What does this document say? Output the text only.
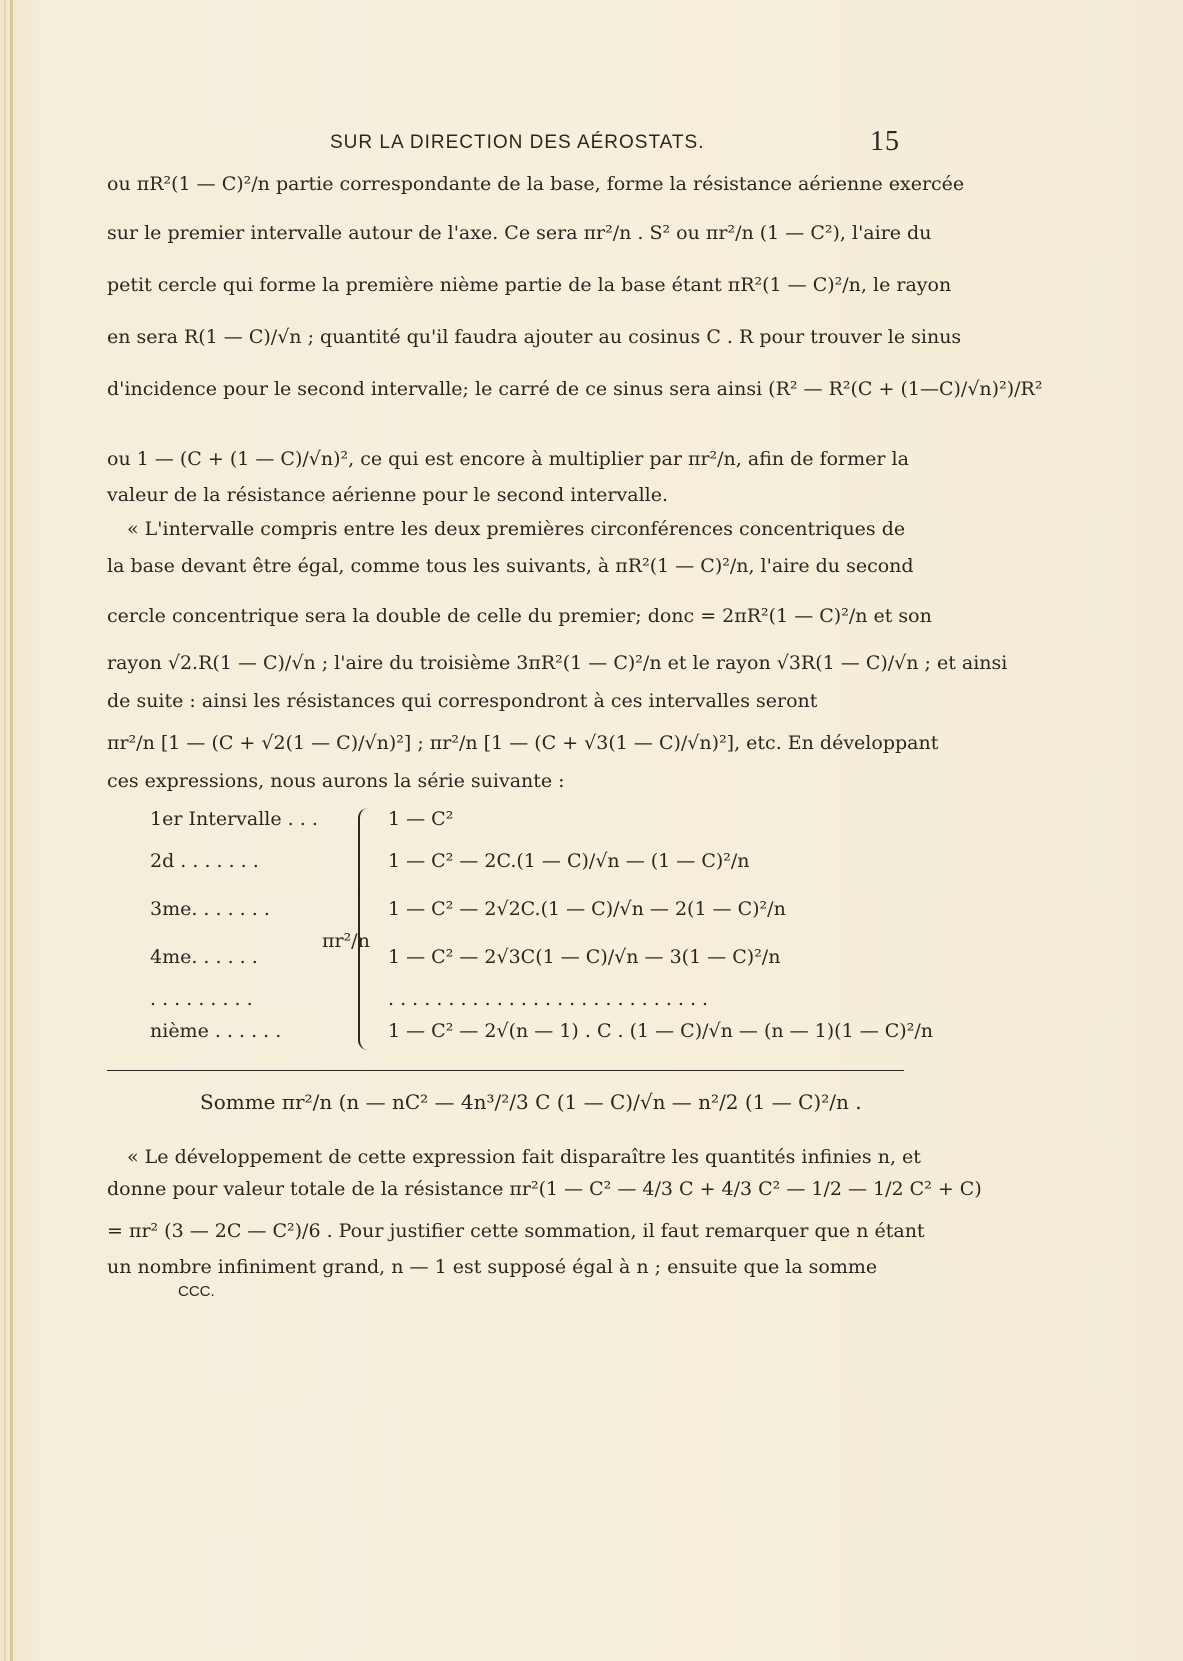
SUR LA DIRECTION DES AÉROSTATS.	15
ou πR²(1 — C)²/n partie correspondante de la base, forme la résistance aérienne exercée
sur le premier intervalle autour de l'axe. Ce sera πr²/n . S² ou πr²/n (1 — C²), l'aire du
petit cercle qui forme la première nième partie de la base étant πR²(1 — C)²/n, le rayon
en sera R(1 — C)/√n ; quantité qu'il faudra ajouter au cosinus C . R pour trouver le sinus
d'incidence pour le second intervalle; le carré de ce sinus sera ainsi (R² — R²(C + (1—C)/√n)²)/R²
ou 1 — (C + (1 — C)/√n)², ce qui est encore à multiplier par πr²/n, afin de former la
valeur de la résistance aérienne pour le second intervalle.
« L'intervalle compris entre les deux premières circonférences concentriques de
la base devant être égal, comme tous les suivants, à πR²(1 — C)²/n, l'aire du second
cercle concentrique sera la double de celle du premier; donc = 2πR²(1 — C)²/n et son
rayon √2.R(1 — C)/√n ; l'aire du troisième 3πR²(1 — C)²/n et le rayon √3R(1 — C)/√n ; et ainsi
de suite : ainsi les résistances qui correspondront à ces intervalles seront
πr²/n [1 — (C + √2(1 — C)/√n)²] ; πr²/n [1 — (C + √3(1 — C)/√n)²], etc. En développant
ces expressions, nous aurons la série suivante :
πr²/n
1er Intervalle . . .	1 — C²
2d . . . . . . .	1 — C² — 2C.(1 — C)/√n — (1 — C)²/n
3me. . . . . . .	1 — C² — 2√2C.(1 — C)/√n — 2(1 — C)²/n
4me. . . . . .	1 — C² — 2√3C(1 — C)/√n — 3(1 — C)²/n
. . . . . . . . .	. . . . . . . . . . . . . . . . . . . . . . . . . . .
nième . . . . . .	1 — C² — 2√(n — 1) . C . (1 — C)/√n — (n — 1)(1 — C)²/n
Somme πr²/n (n — nC² — 4n³/²/3 C (1 — C)/√n — n²/2 (1 — C)²/n .
« Le développement de cette expression fait disparaître les quantités infinies n, et
donne pour valeur totale de la résistance πr²(1 — C² — 4/3 C + 4/3 C² — 1/2 — 1/2 C² + C)
= πr² (3 — 2C — C²)/6 . Pour justifier cette sommation, il faut remarquer que n étant
un nombre infiniment grand, n — 1 est supposé égal à n ; ensuite que la somme
CCC.
